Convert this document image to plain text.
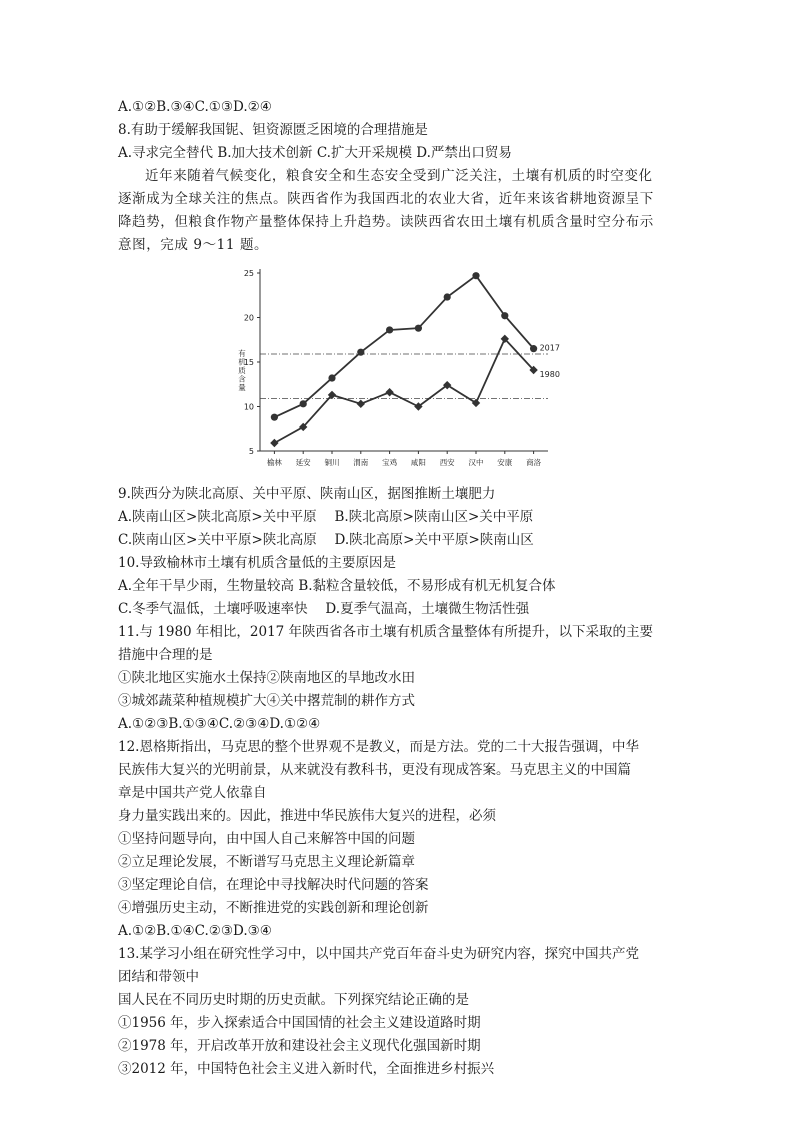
A.①②B.③④C.①③D.②④
8.有助于缓解我国铌、钽资源匮乏困境的合理措施是
A.寻求完全替代 B.加大技术创新 C.扩大开采规模 D.严禁出口贸易
近年来随着气候变化，粮食安全和生态安全受到广泛关注，土壤有机质的时空变化
逐渐成为全球关注的焦点。陕西省作为我国西北的农业大省，近年来该省耕地资源呈下
降趋势，但粮食作物产量整体保持上升趋势。读陕西省农田土壤有机质含量时空分布示
意图，完成 9～11 题。
5
10
15
20
25
榆林 延安 铜川 渭南 宝鸡 咸阳 西安 汉中 安康 商洛
2017
1980
有机质含量
9.陕西分为陕北高原、关中平原、陕南山区，据图推断土壤肥力
A.陕南山区>陕北高原>关中平原　 B.陕北高原>陕南山区>关中平原
C.陕南山区>关中平原>陕北高原　 D.陕北高原>关中平原>陕南山区
10.导致榆林市土壤有机质含量低的主要原因是
A.全年干旱少雨，生物量较高 B.黏粒含量较低，不易形成有机无机复合体
C.冬季气温低，土壤呼吸速率快　 D.夏季气温高，土壤微生物活性强
11.与 1980 年相比，2017 年陕西省各市土壤有机质含量整体有所提升，以下采取的主要
措施中合理的是
①陕北地区实施水土保持②陕南地区的旱地改水田
③城郊蔬菜种植规模扩大④关中撂荒制的耕作方式
A.①②③B.①③④C.②③④D.①②④
12.恩格斯指出，马克思的整个世界观不是教义，而是方法。党的二十大报告强调，中华
民族伟大复兴的光明前景，从来就没有教科书，更没有现成答案。马克思主义的中国篇
章是中国共产党人依靠自
身力量实践出来的。因此，推进中华民族伟大复兴的进程，必须
①坚持问题导向，由中国人自己来解答中国的问题
②立足理论发展，不断谱写马克思主义理论新篇章
③坚定理论自信，在理论中寻找解决时代问题的答案
④增强历史主动，不断推进党的实践创新和理论创新
A.①②B.①④C.②③D.③④
13.某学习小组在研究性学习中，以中国共产党百年奋斗史为研究内容，探究中国共产党
团结和带领中
国人民在不同历史时期的历史贡献。下列探究结论正确的是
①1956 年，步入探索适合中国国情的社会主义建设道路时期
②1978 年，开启改革开放和建设社会主义现代化强国新时期
③2012 年，中国特色社会主义进入新时代，全面推进乡村振兴
